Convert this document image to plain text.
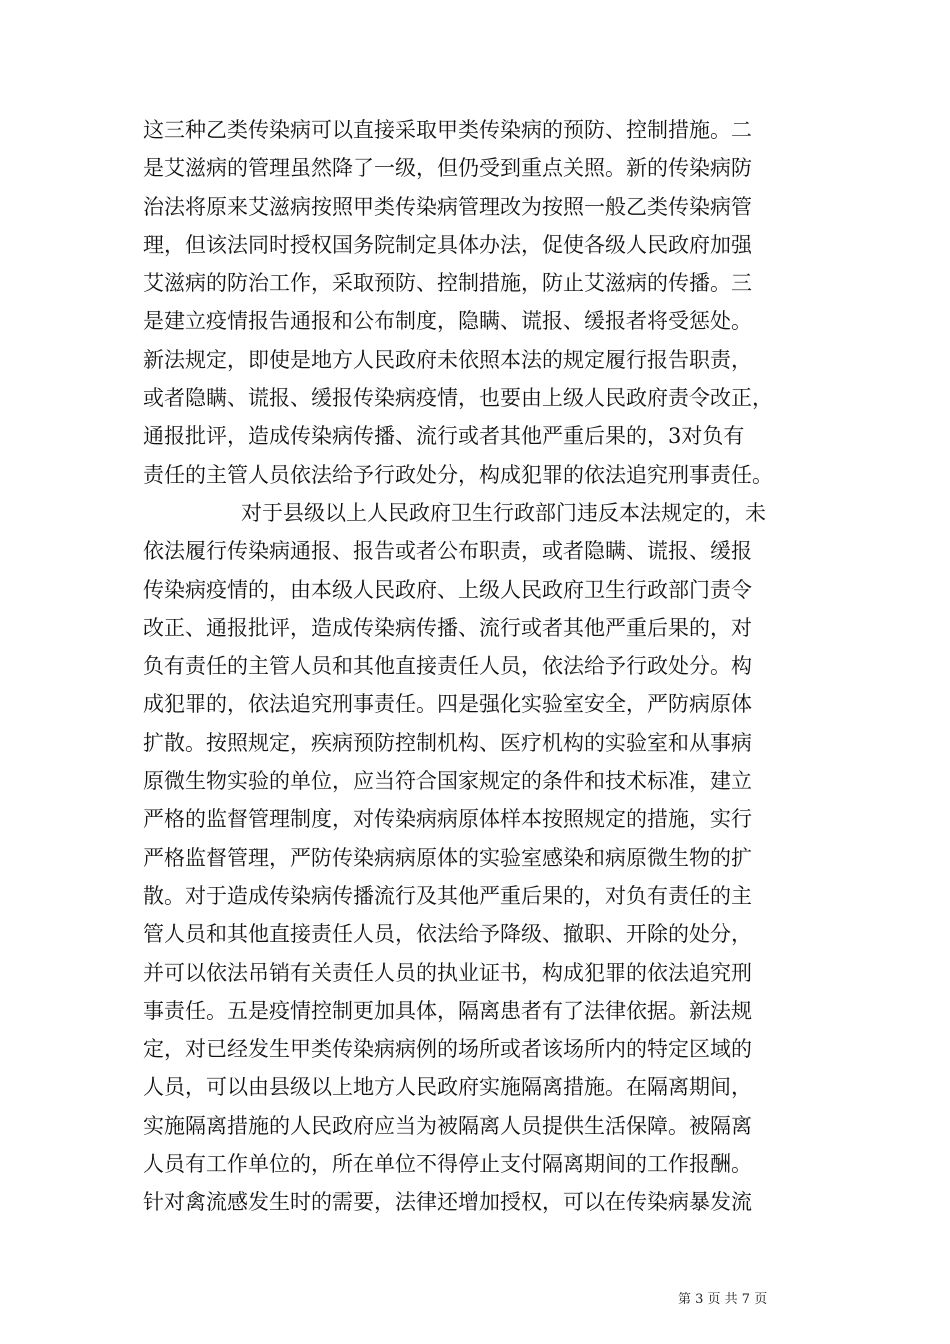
这三种乙类传染病可以直接采取甲类传染病的预防、控制措施。二
是艾滋病的管理虽然降了一级，但仍受到重点关照。新的传染病防
治法将原来艾滋病按照甲类传染病管理改为按照一般乙类传染病管
理，但该法同时授权国务院制定具体办法，促使各级人民政府加强
艾滋病的防治工作，采取预防、控制措施，防止艾滋病的传播。三
是建立疫情报告通报和公布制度，隐瞒、谎报、缓报者将受惩处。
新法规定，即使是地方人民政府未依照本法的规定履行报告职责，
或者隐瞒、谎报、缓报传染病疫情，也要由上级人民政府责令改正，
通报批评，造成传染病传播、流行或者其他严重后果的，3对负有
责任的主管人员依法给予行政处分，构成犯罪的依法追究刑事责任。
对于县级以上人民政府卫生行政部门违反本法规定的，未
依法履行传染病通报、报告或者公布职责，或者隐瞒、谎报、缓报
传染病疫情的，由本级人民政府、上级人民政府卫生行政部门责令
改正、通报批评，造成传染病传播、流行或者其他严重后果的，对
负有责任的主管人员和其他直接责任人员，依法给予行政处分。构
成犯罪的，依法追究刑事责任。四是强化实验室安全，严防病原体
扩散。按照规定，疾病预防控制机构、医疗机构的实验室和从事病
原微生物实验的单位，应当符合国家规定的条件和技术标准，建立
严格的监督管理制度，对传染病病原体样本按照规定的措施，实行
严格监督管理，严防传染病病原体的实验室感染和病原微生物的扩
散。对于造成传染病传播流行及其他严重后果的，对负有责任的主
管人员和其他直接责任人员，依法给予降级、撤职、开除的处分，
并可以依法吊销有关责任人员的执业证书，构成犯罪的依法追究刑
事责任。五是疫情控制更加具体，隔离患者有了法律依据。新法规
定，对已经发生甲类传染病病例的场所或者该场所内的特定区域的
人员，可以由县级以上地方人民政府实施隔离措施。在隔离期间，
实施隔离措施的人民政府应当为被隔离人员提供生活保障。被隔离
人员有工作单位的，所在单位不得停止支付隔离期间的工作报酬。
针对禽流感发生时的需要，法律还增加授权，可以在传染病暴发流
第 3 页 共 7 页
